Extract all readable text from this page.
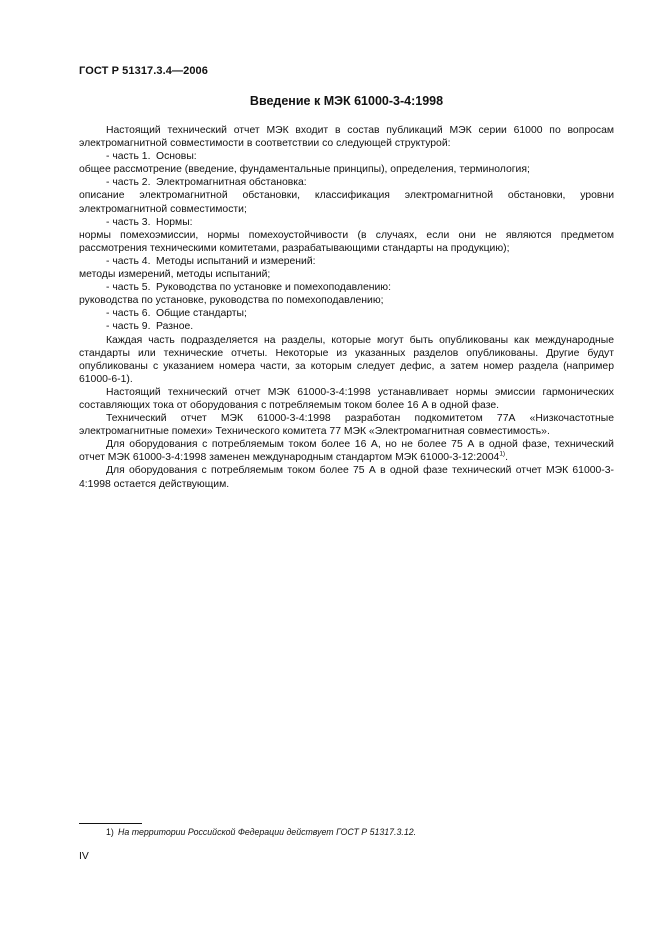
ГОСТ Р 51317.3.4—2006
Введение к МЭК 61000-3-4:1998

Настоящий технический отчет МЭК входит в состав публикаций МЭК серии 61000 по вопросам электромагнитной совместимости в соответствии со следующей структурой:

- часть 1. Основы:

общее рассмотрение (введение, фундаментальные принципы), определения, терминология;

- часть 2. Электромагнитная обстановка:

описание электромагнитной обстановки, классификация электромагнитной обстановки, уровни электромагнитной совместимости;

- часть 3. Нормы:

нормы помехоэмиссии, нормы помехоустойчивости (в случаях, если они не являются предметом рассмотрения техническими комитетами, разрабатывающими стандарты на продукцию);

- часть 4. Методы испытаний и измерений:

методы измерений, методы испытаний;

- часть 5. Руководства по установке и помехоподавлению:

руководства по установке, руководства по помехоподавлению;

- часть 6. Общие стандарты;

- часть 9. Разное.

Каждая часть подразделяется на разделы, которые могут быть опубликованы как международные стандарты или технические отчеты. Некоторые из указанных разделов опубликованы. Другие будут опубликованы с указанием номера части, за которым следует дефис, а затем номер раздела (например 61000-6-1).

Настоящий технический отчет МЭК 61000-3-4:1998 устанавливает нормы эмиссии гармонических составляющих тока от оборудования с потребляемым током более 16 А в одной фазе.

Технический отчет МЭК 61000-3-4:1998 разработан подкомитетом 77А «Низкочастотные электромагнитные помехи» Технического комитета 77 МЭК «Электромагнитная совместимость».

Для оборудования с потребляемым током более 16 А, но не более 75 А в одной фазе, технический отчет МЭК 61000-3-4:1998 заменен международным стандартом МЭК 61000-3-12:2004$^{1)}$.

Для оборудования с потребляемым током более 75 А в одной фазе технический отчет МЭК 61000-3-4:1998 остается действующим.

1) На территории Российской Федерации действует ГОСТ Р 51317.3.12.
IV
